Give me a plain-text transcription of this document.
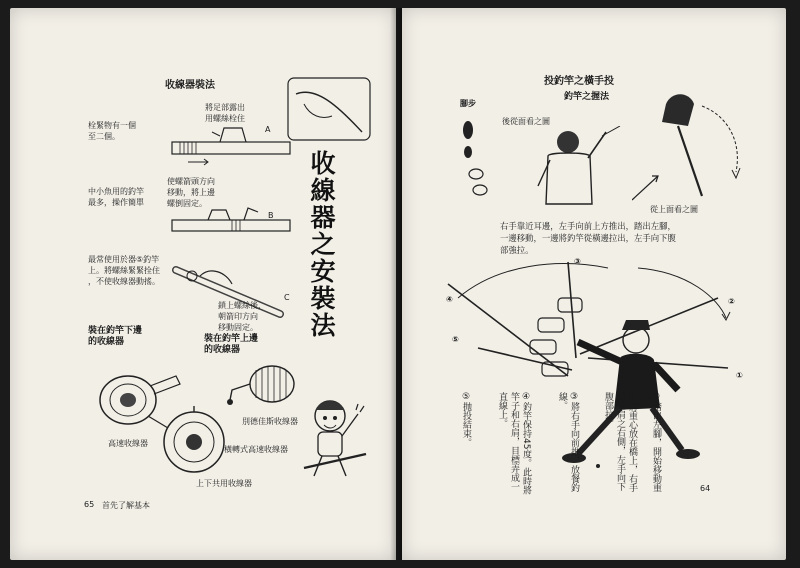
收線器裝法
栓緊物有一個
至二個。
將足部露出
用螺絲栓住
A
中小魚用的釣竿
最多，操作簡單
使螺箭頭方向
移動，將上邊
螺倒固定。
B
最常使用於器⑤釣竿
上。將螺絲緊緊拴住
，不使收線器動搖。
C
鎖上螺絲後，
朝箭印方向
移動固定。
收線器之安裝法
裝在釣竿下邊
的收線器	裝在釣竿上邊
的收線器
高速收線器
別德佳斯收線器
橫轉式高速收線器
上下共用收線器
65 首先了解基本
投釣竿之橫手投
釣竿之握法
腳步
後從面看之圖
從上面看之圖
右手靠近耳邊，左手向前上方推出，踏出左腳，
一邊移動，一邊將釣竿從橫邊拉出，左手向下腹
部強拉。
③
④	②
⑤
①
①踏出左腳，開始移動重心。
②將重心放在橋上，右手通過肩之右側，左手向下腹部拉。
③將右手向前推，放餐釣線。
④釣竿保持45度。此時將竿子和右肩，目標弄成一直線上。
⑤抛投結束。
64
